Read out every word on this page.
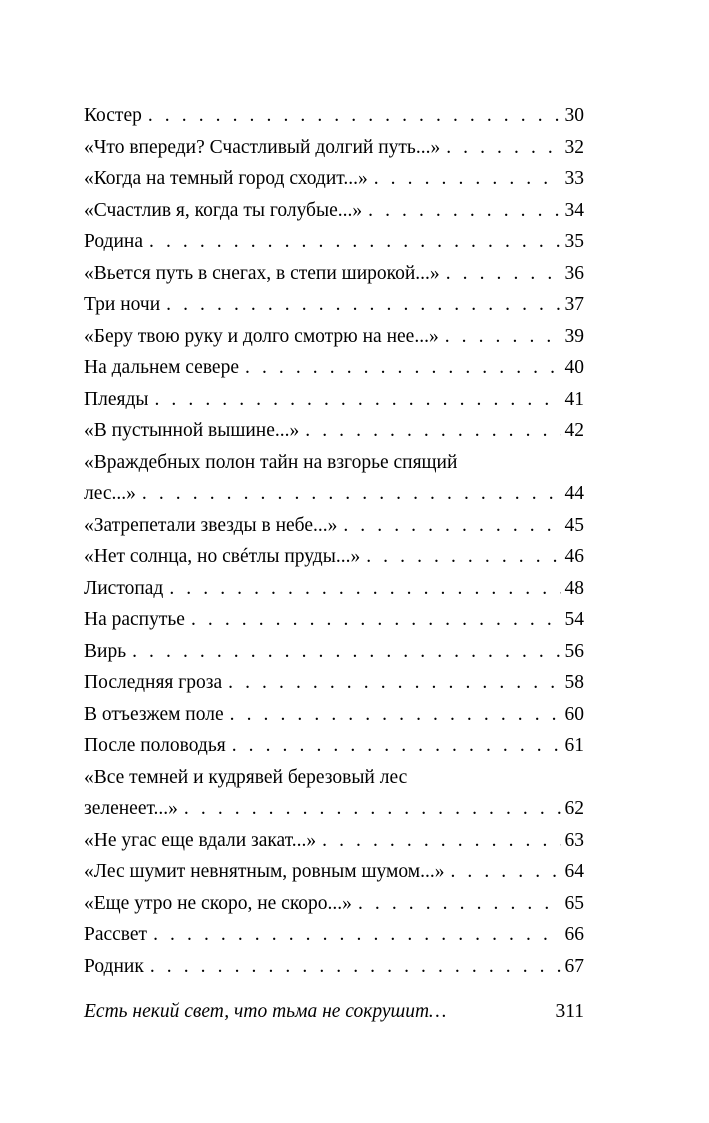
Костер . . .	30
«Что впереди? Счастливый долгий путь...» . . .	32
«Когда на темный город сходит...» . . .	33
«Счастлив я, когда ты голубые...» . . .	34
Родина . . .	35
«Вьется путь в снегах, в степи широкой...» . . .	36
Три ночи . . .	37
«Беру твою руку и долго смотрю на нее...» . . .	39
На дальнем севере . . .	40
Плеяды . . .	41
«В пустынной вышине...» . . .	42
«Враждебных полон тайн на взгорье спящий
лес...» . . .	44
«Затрепетали звезды в небе...» . . .	45
«Нет солнца, но свéтлы пруды...» . . .	46
Листопад . . .	48
На распутье . . .	54
Вирь . . .	56
Последняя гроза . . .	58
В отъезжем поле . . .	60
После половодья . . .	61
«Все темней и кудрявей березовый лес
зеленеет...» . . .	62
«Не угас еще вдали закат...» . . .	63
«Лес шумит невнятным, ровным шумом...» . . .	64
«Еще утро не скоро, не скоро...» . . .	65
Рассвет . . .	66
Родник . . .	67
Есть некий свет, что тьма не сокрушит…	311
